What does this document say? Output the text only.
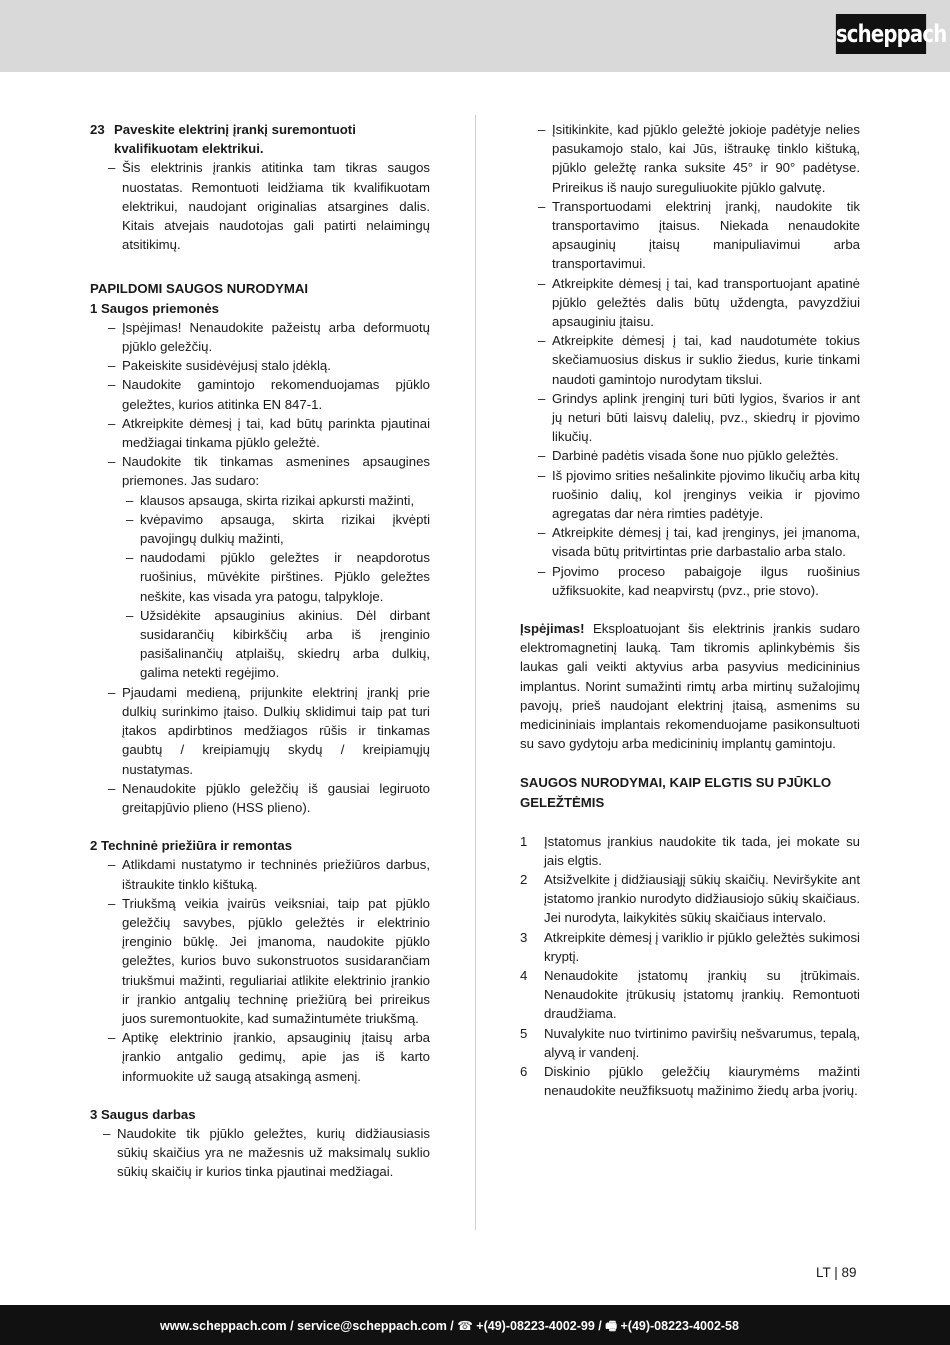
scheppach
23 Paveskite elektrinį įrankį suremontuoti kvalifikuotam elektrikui.
– Šis elektrinis įrankis atitinka tam tikras saugos nuostatas. Remontuoti leidžiama tik kvalifikuotam elektrikui, naudojant originalias atsargines dalis. Kitais atvejais naudotojas gali patirti nelaimingų atsitikimų.
PAPILDOMI SAUGOS NURODYMAI
1 Saugos priemonės
– Įspėjimas! Nenaudokite pažeistų arba deformuotų pjūklo geležčių.
– Pakeiskite susidėvėjusį stalo įdėklą.
– Naudokite gamintojo rekomenduojamas pjūklo geležtes, kurios atitinka EN 847-1.
– Atkreipkite dėmesį į tai, kad būtų parinkta pjautinai medžiagai tinkama pjūklo geležtė.
– Naudokite tik tinkamas asmenines apsaugines priemones. Jas sudaro:
– klausos apsauga, skirta rizikai apkursti mažinti,
– kvėpavimo apsauga, skirta rizikai įkvėpti pavojingų dulkių mažinti,
– naudodami pjūklo geležtes ir neapdorotus ruošinius, mūvėkite pirštines. Pjūklo geležtes neškite, kas visada yra patogu, talpykloje.
– Užsidėkite apsauginius akinius. Dėl dirbant susidarančių kibirkščių arba iš įrenginio pasišalinančių atplaišų, skiedrų arba dulkių, galima netekti regėjimo.
– Pjaudami medieną, prijunkite elektrinį įrankį prie dulkių surinkimo įtaiso. Dulkių sklidimui taip pat turi įtakos apdirbtinos medžiagos rūšis ir tinkamas gaubtų / kreipiamųjų skydų / kreipiamųjų nustatymas.
– Nenaudokite pjūklo geležčių iš gausiai legiruoto greitapjūvio plieno (HSS plieno).
2 Techninė priežiūra ir remontas
– Atlikdami nustatymo ir techninės priežiūros darbus, ištraukite tinklo kištuką.
– Triukšmą veikia įvairūs veiksniai, taip pat pjūklo geležčių savybes, pjūklo geležtės ir elektrinio įrenginio būklę. Jei įmanoma, naudokite pjūklo geležtes, kurios buvo sukonstruotos susidarančiam triukšmui mažinti, reguliariai atlikite elektrinio įrankio ir įrankio antgalių techninę priežiūrą bei prireikus juos suremontuokite, kad sumažintumėte triukšmą.
– Aptikę elektrinio įrankio, apsauginių įtaisų arba įrankio antgalio gedimų, apie jas iš karto informuokite už saugą atsakingą asmenį.
3 Saugus darbas
– Naudokite tik pjūklo geležtes, kurių didžiausiasis sūkių skaičius yra ne mažesnis už maksimalų suklio sūkių skaičių ir kurios tinka pjautinai medžiagai.
– Įsitikinkite, kad pjūklo geležtė jokioje padėtyje nelies pasukamojo stalo, kai Jūs, ištraukę tinklo kištuką, pjūklo geležtę ranka suksite 45° ir 90° padėtyse. Prireikus iš naujo sureguliuokite pjūklo galvutę.
– Transportuodami elektrinį įrankį, naudokite tik transportavimo įtaisus. Niekada nenaudokite apsauginių įtaisų manipuliavimui arba transportavimui.
– Atkreipkite dėmesį į tai, kad transportuojant apatinė pjūklo geležtės dalis būtų uždengta, pavyzdžiui apsauginiu įtaisu.
– Atkreipkite dėmesį į tai, kad naudotumėte tokius skečiamuosius diskus ir suklio žiedus, kurie tinkami naudoti gamintojo nurodytam tikslui.
– Grindys aplink įrenginį turi būti lygios, švarios ir ant jų neturi būti laisvų dalelių, pvz., skiedrų ir pjovimo likučių.
– Darbinė padėtis visada šone nuo pjūklo geležtės.
– Iš pjovimo srities nešalinkite pjovimo likučių arba kitų ruošinio dalių, kol įrenginys veikia ir pjovimo agregatas dar nėra rimties padėtyje.
– Atkreipkite dėmesį į tai, kad įrenginys, jei įmanoma, visada būtų pritvirtintas prie darbastalio arba stalo.
– Pjovimo proceso pabaigoje ilgus ruošinius užfiksuokite, kad neapvirstų (pvz., prie stovo).

Įspėjimas! Eksploatuojant šis elektrinis įrankis sudaro elektromagnetinį lauką. Tam tikromis aplinkybėmis šis laukas gali veikti aktyvius arba pasyvius medicininius implantus. Norint sumažinti rimtų arba mirtinų sužalojimų pavojų, prieš naudojant elektrinį įtaisą, asmenims su medicininiais implantais rekomenduojame pasikonsultuoti su savo gydytoju arba medicininių implantų gamintoju.

SAUGOS NURODYMAI, KAIP ELGTIS SU PJŪKLO GELEŽTĖMIS
1 Įstatomus įrankius naudokite tik tada, jei mokate su jais elgtis.
2 Atsižvelkite į didžiausiąjį sūkių skaičių. Neviršykite ant įstatomo įrankio nurodyto didžiausiojo sūkių skaičiaus. Jei nurodyta, laikykitės sūkių skaičiaus intervalo.
3 Atkreipkite dėmesį į variklio ir pjūklo geležtės sukimosi kryptį.
4 Nenaudokite įstatomų įrankių su įtrūkimais. Nenaudokite įtrūkusių įstatomų įrankių. Remontuoti draudžiama.
5 Nuvalykite nuo tvirtinimo paviršių nešvarumus, tepalą, alyvą ir vandenį.
6 Diskinio pjūklo geležčių kiaurymėms mažinti nenaudokite neužfiksuotų mažinimo žiedų arba įvorių.
LT | 89
www.scheppach.com / service@scheppach.com / ☎ +(49)-08223-4002-99 / 🖷 +(49)-08223-4002-58
